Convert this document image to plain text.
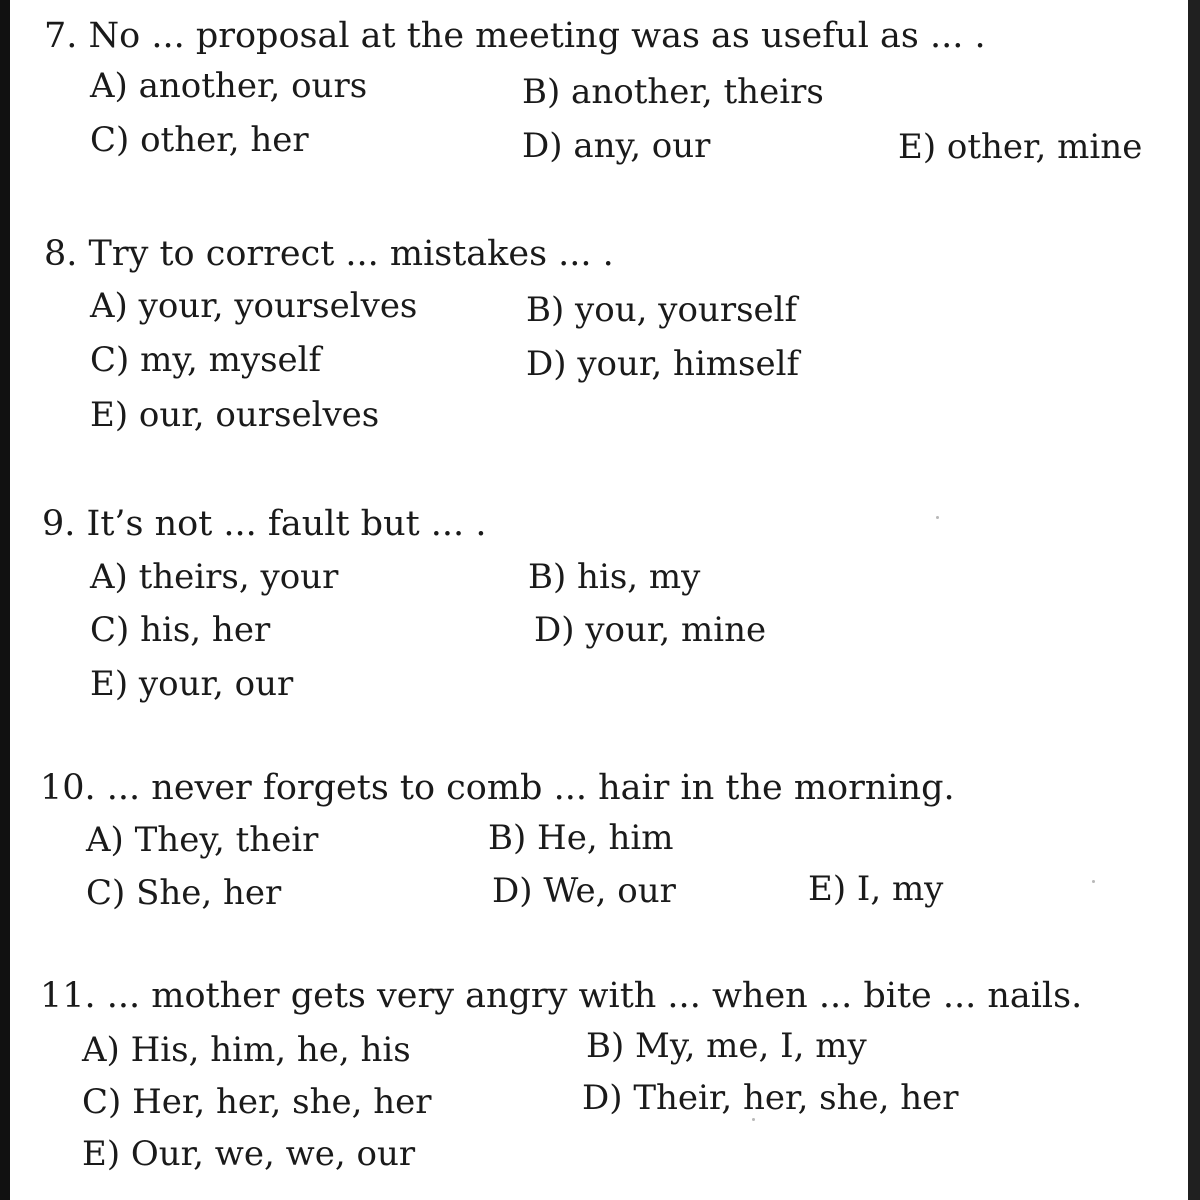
7. No ... proposal at the meeting was as useful as ... .
A) another, ours	B) another, theirs
C) other, her	D) any, our	E) other, mine
8. Try to correct ... mistakes ... .
A) your, yourselves	B) you, yourself
C) my, myself	D) your, himself
E) our, ourselves
9. It’s not ... fault but ... .
A) theirs, your	B) his, my
C) his, her	D) your, mine
E) your, our
10. ... never forgets to comb ... hair in the morning.
A) They, their	B) He, him
C) She, her	D) We, our	E) I, my
11. ... mother gets very angry with ... when ... bite ... nails.
A) His, him, he, his	B) My, me, I, my
C) Her, her, she, her	D) Their, her, she, her
E) Our, we, we, our
